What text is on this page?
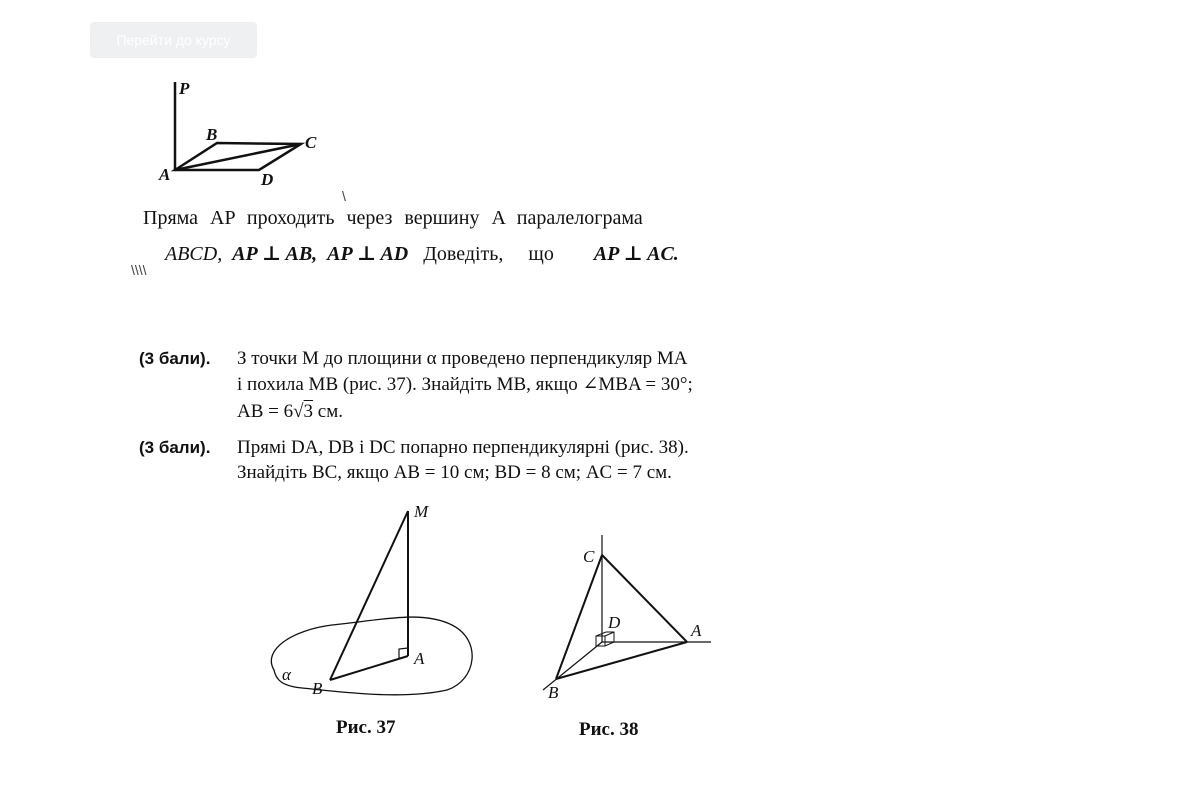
Перейти до курсу
P
B	C
A	D
\
\\\\
Пряма AP проходить через вершину A паралелограма
ABCD, AP ⊥ AB, AP ⊥ AD Доведіть, що AP ⊥ AC.
(3 бали). З точки M до площини α проведено перпендикуляр MA
і похила MB (рис. 37). Знайдіть MB, якщо ∠MBA = 30°;
AB = 6√3 см.
(3 бали). Прямі DA, DB і DC попарно перпендикулярні (рис. 38).
Знайдіть BC, якщо AB = 10 см; BD = 8 см; AC = 7 см.
M
A
B
α
Рис. 37
C
D	A
B
Рис. 38
